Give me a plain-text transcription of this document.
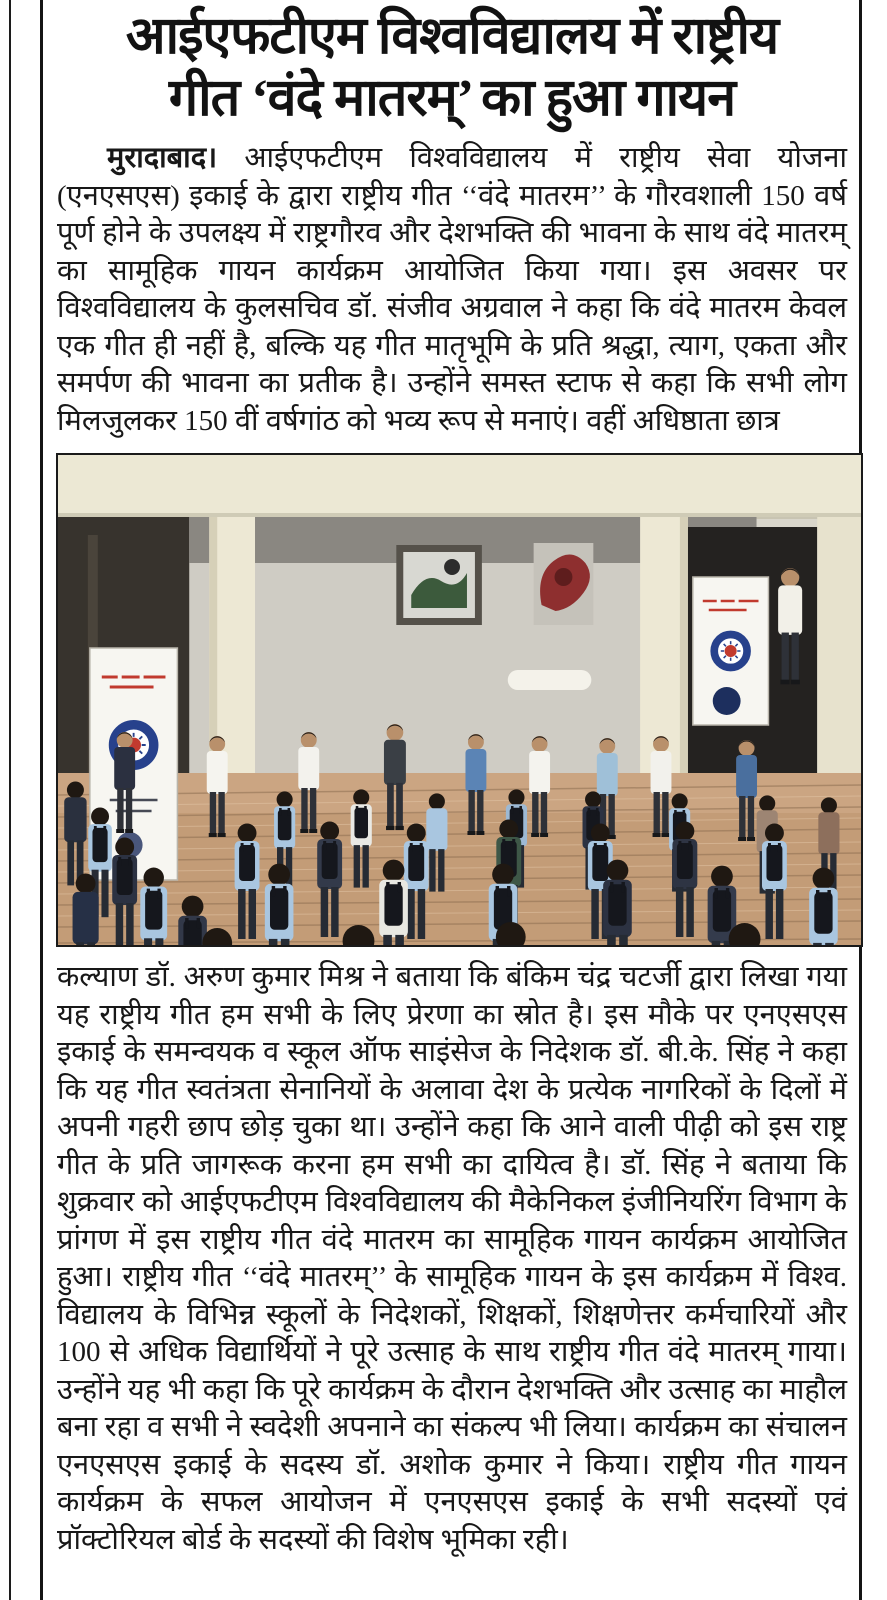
आईएफटीएम विश्वविद्यालय में राष्ट्रीय
गीत ‘वंदे मातरम्’ का हुआ गायन

मुरादाबाद। आईएफटीएम विश्वविद्यालय में राष्ट्रीय सेवा योजना (एनएसएस) इकाई के द्वारा राष्ट्रीय गीत ‘‘वंदे मातरम’’ के गौरवशाली 150 वर्ष पूर्ण होने के उपलक्ष्य में राष्ट्रगौरव और देशभक्ति की भावना के साथ वंदे मातरम् का सामूहिक गायन कार्यक्रम आयोजित किया गया। इस अवसर पर विश्वविद्यालय के कुलसचिव डॉ. संजीव अग्रवाल ने कहा कि वंदे मातरम केवल एक गीत ही नहीं है, बल्कि यह गीत मातृभूमि के प्रति श्रद्धा, त्याग, एकता और समर्पण की भावना का प्रतीक है। उन्होंने समस्त स्टाफ से कहा कि सभी लोग मिलजुलकर 150 वीं वर्षगांठ को भव्य रूप से मनाएं। वहीं अधिष्ठाता छात्र

कल्याण डॉ. अरुण कुमार मिश्र ने बताया कि बंकिम चंद्र चटर्जी द्वारा लिखा गया यह राष्ट्रीय गीत हम सभी के लिए प्रेरणा का स्रोत है। इस मौके पर एनएसएस इकाई के समन्वयक व स्कूल ऑफ साइंसेज के निदेशक डॉ. बी.के. सिंह ने कहा कि यह गीत स्वतंत्रता सेनानियों के अलावा देश के प्रत्येक नागरिकों के दिलों में अपनी गहरी छाप छोड़ चुका था। उन्होंने कहा कि आने वाली पीढ़ी को इस राष्ट्र गीत के प्रति जागरूक करना हम सभी का दायित्व है। डॉ. सिंह ने बताया कि शुक्रवार को आईएफटीएम विश्वविद्यालय की मैकेनिकल इंजीनियरिंग विभाग के प्रांगण में इस राष्ट्रीय गीत वंदे मातरम का सामूहिक गायन कार्यक्रम आयोजित हुआ। राष्ट्रीय गीत ‘‘वंदे मातरम्’’ के सामूहिक गायन के इस कार्यक्रम में विश्व. विद्यालय के विभिन्न स्कूलों के निदेशकों, शिक्षकों, शिक्षणेत्तर कर्मचारियों और 100 से अधिक विद्यार्थियों ने पूरे उत्साह के साथ राष्ट्रीय गीत वंदे मातरम् गाया। उन्होंने यह भी कहा कि पूरे कार्यक्रम के दौरान देशभक्ति और उत्साह का माहौल बना रहा व सभी ने स्वदेशी अपनाने का संकल्प भी लिया। कार्यक्रम का संचालन एनएसएस इकाई के सदस्य डॉ. अशोक कुमार ने किया। राष्ट्रीय गीत गायन कार्यक्रम के सफल आयोजन में एनएसएस इकाई के सभी सदस्यों एवं प्रॉक्टोरियल बोर्ड के सदस्यों की विशेष भूमिका रही।
